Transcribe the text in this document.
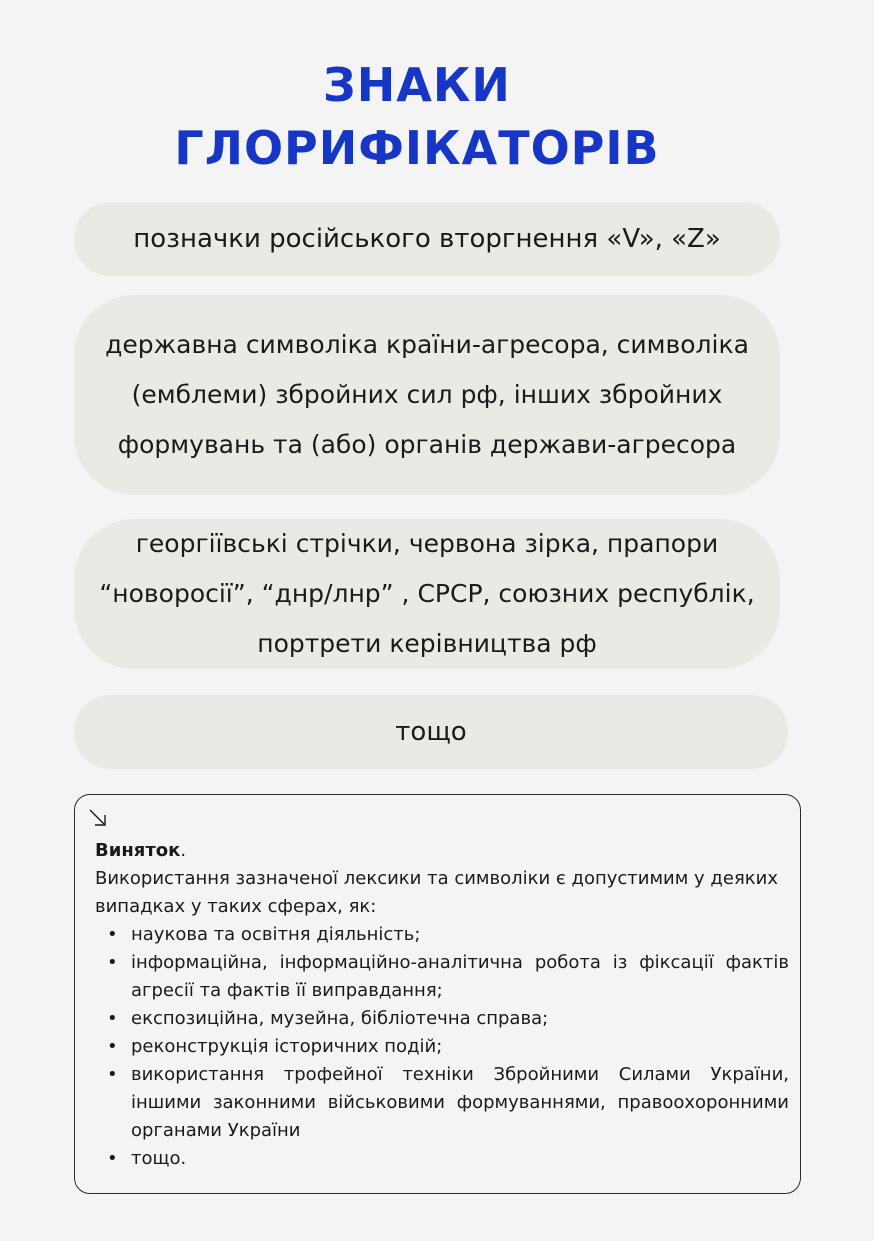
ЗНАКИ
ГЛОРИФІКАТОРІВ
позначки російського вторгнення «V», «Z»
державна символіка країни-агресора, символіка (емблеми) збройних сил рф, інших збройних формувань та (або) органів держави-агресора
георгіївські стрічки, червона зірка, прапори “новоросії”, “днр/лнр” , СРСР, союзних республік, портрети керівництва рф
тощо
Виняток.
Використання зазначеної лексики та символіки є допустимим у деяких випадках у таких сферах, як:
• наукова та освітня діяльність;
• інформаційна, інформаційно-аналітична робота із фіксації фактів агресії та фактів її виправдання;
• експозиційна, музейна, бібліотечна справа;
• реконструкція історичних подій;
• використання трофейної техніки Збройними Силами України, іншими законними військовими формуваннями, правоохоронними органами України
• тощо.
